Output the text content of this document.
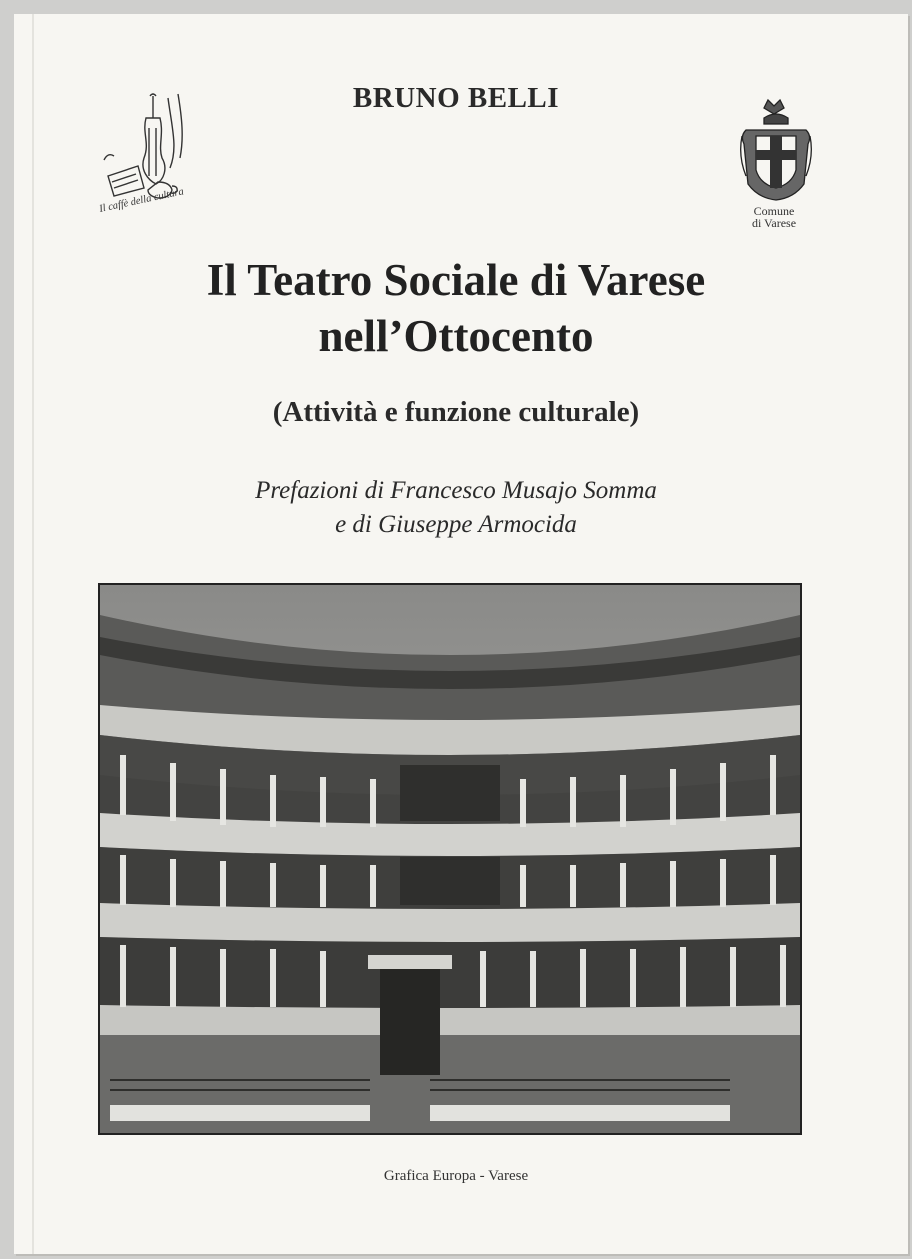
Il caffè della cultura	Comune
di Varese
BRUNO BELLI
Il Teatro Sociale di Varese
nell’Ottocento
(Attività e funzione culturale)
Prefazioni di Francesco Musajo Somma
e di Giuseppe Armocida
Grafica Europa - Varese
